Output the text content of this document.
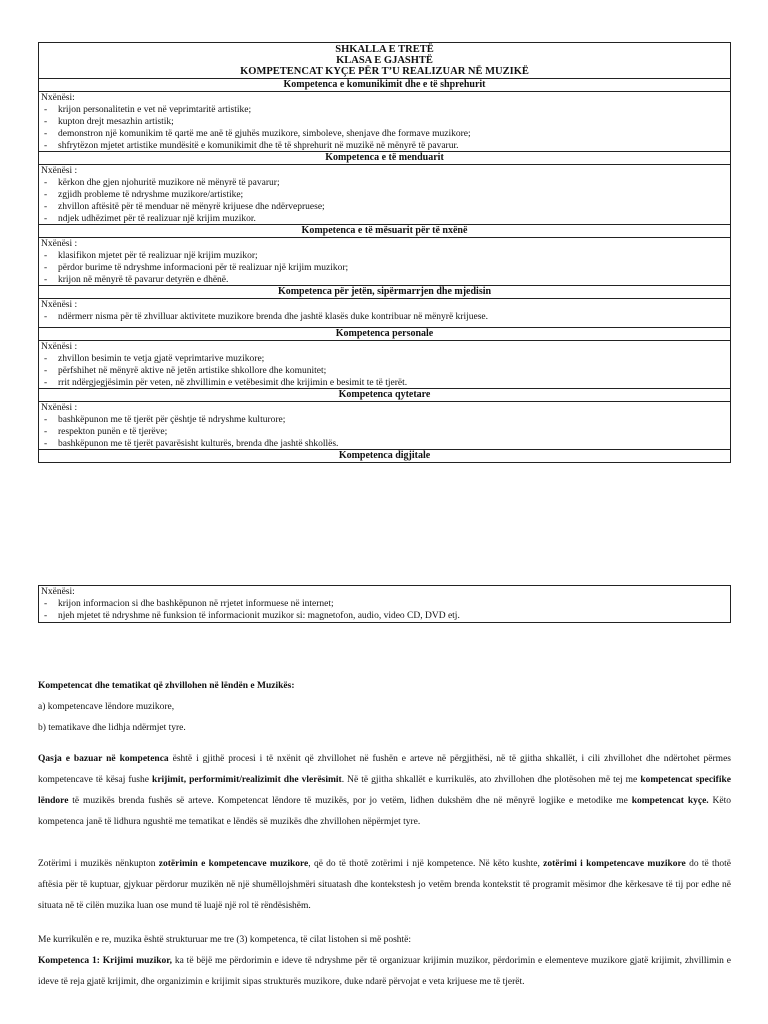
SHKALLA E TRETË
KLASA E GJASHTË
KOMPETENCAT KYÇE PËR T’U REALIZUAR NË MUZIKË
Kompetenca e komunikimit dhe e të shprehurit
Nxënësi:
- krijon personalitetin e vet në veprimtaritë artistike;
- kupton drejt mesazhin artistik;
- demonstron një komunikim të qartë me anë të gjuhës muzikore, simboleve, shenjave dhe formave muzikore;
- shfrytëzon mjetet artistike mundësitë e komunikimit dhe të të shprehurit në muzikë në mënyrë të pavarur.
Kompetenca e të menduarit
Nxënësi :
- kërkon dhe gjen njohuritë muzikore në mënyrë të pavarur;
- zgjidh probleme të ndryshme muzikore/artistike;
- zhvillon aftësitë për të menduar në mënyrë krijuese dhe ndërvepruese;
- ndjek udhëzimet për të realizuar një krijim muzikor.
Kompetenca e të mësuarit për të nxënë
Nxënësi :
- klasifikon mjetet për të realizuar një krijim muzikor;
- përdor burime të ndryshme informacioni për të realizuar një krijim muzikor;
- krijon në mënyrë të pavarur detyrën e dhënë.
Kompetenca për jetën, sipërmarrjen dhe mjedisin
Nxënësi :
- ndërmerr nisma për të zhvilluar aktivitete muzikore brenda dhe jashtë klasës duke kontribuar në mënyrë krijuese.
Kompetenca personale
Nxënësi :
- zhvillon besimin te vetja gjatë veprimtarive muzikore;
- përfshihet në mënyrë aktive në jetën artistike shkollore dhe komunitet;
- rrit ndërgjegjësimin për veten, në zhvillimin e vetëbesimit dhe krijimin e besimit te të tjerët.
Kompetenca qytetare
Nxënësi :
- bashkëpunon me të tjerët për çështje të ndryshme kulturore;
- respekton punën e të tjerëve;
- bashkëpunon me të tjerët pavarësisht kulturës, brenda dhe jashtë shkollës.
Kompetenca digjitale
Nxënësi:
- krijon informacion si dhe bashkëpunon në rrjetet informuese në internet;
- njeh mjetet të ndryshme në funksion të informacionit muzikor si: magnetofon, audio, video CD, DVD etj.
Kompetencat dhe tematikat që zhvillohen në lëndën e Muzikës:
a) kompetencave lëndore muzikore,
b) tematikave dhe lidhja ndërmjet tyre.
Qasja e bazuar në kompetenca është i gjithë procesi i të nxënit që zhvillohet në fushën e arteve në përgjithësi, në të gjitha shkallët, i cili zhvillohet dhe ndërtohet përmes kompetencave të kësaj fushe krijimit, performimit/realizimit dhe vlerësimit. Në të gjitha shkallët e kurrikulës, ato zhvillohen dhe plotësohen më tej me kompetencat specifike lëndore të muzikës brenda fushës së arteve. Kompetencat lëndore të muzikës, por jo vetëm, lidhen dukshëm dhe në mënyrë logjike e metodike me kompetencat kyçe. Këto kompetenca janë të lidhura ngushtë me tematikat e lëndës së muzikës dhe zhvillohen nëpërmjet tyre.
Zotërimi i muzikës nënkupton zotërimin e kompetencave muzikore, që do të thotë zotërimi i një kompetence. Në këto kushte, zotërimi i kompetencave muzikore do të thotë aftësia për të kuptuar, gjykuar përdorur muzikën në një shumëllojshmëri situatash dhe kontekstesh jo vetëm brenda kontekstit të programit mësimor dhe kërkesave të tij por edhe në situata në të cilën muzika luan ose mund të luajë një rol të rëndësishëm.
Me kurrikulën e re, muzika është strukturuar me tre (3) kompetenca, të cilat listohen si më poshtë:
Kompetenca 1: Krijimi muzikor, ka të bëjë me përdorimin e ideve të ndryshme për të organizuar krijimin muzikor, përdorimin e elementeve muzikore gjatë krijimit, zhvillimin e ideve të reja gjatë krijimit, dhe organizimin e krijimit sipas strukturës muzikore, duke ndarë përvojat e veta krijuese me të tjerët.
